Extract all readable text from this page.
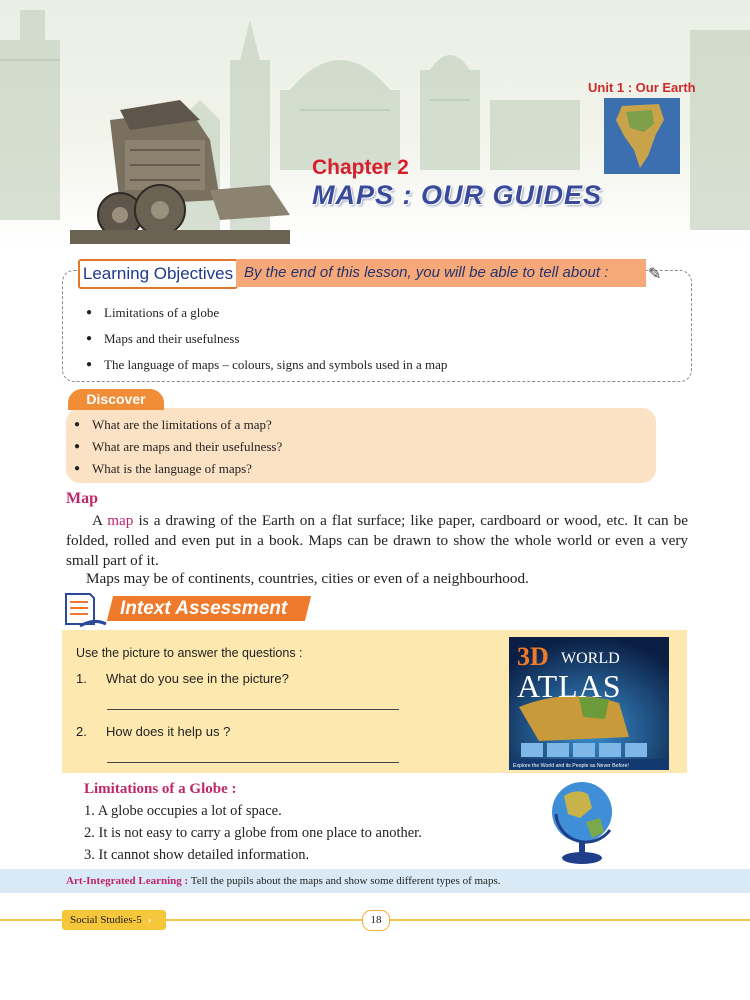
Unit 1 : Our Earth
Chapter 2
MAPS : OUR GUIDES
Learning Objectives By the end of this lesson, you will be able to tell about :	✎
● Limitations of a globe
● Maps and their usefulness
● The language of maps – colours, signs and symbols used in a map
Discover
● What are the limitations of a map?
● What are maps and their usefulness?
● What is the language of maps?
Map
A map is a drawing of the Earth on a flat surface; like paper, cardboard or wood, etc. It can be folded, rolled and even put in a book. Maps can be drawn to show the whole world or even a very small part of it.
Maps may be of continents, countries, cities or even of a neighbourhood.
Intext Assessment
Use the picture to answer the questions :
1. What do you see in the picture?
2. How does it help us ?
3D WORLD
ATLAS
Explore the World and its People as Never Before!
Limitations of a Globe :
1. A globe occupies a lot of space.
2. It is not easy to carry a globe from one place to another.
3. It cannot show detailed information.
Art-Integrated Learning : Tell the pupils about the maps and show some different types of maps.
Social Studies-5 ›	18
